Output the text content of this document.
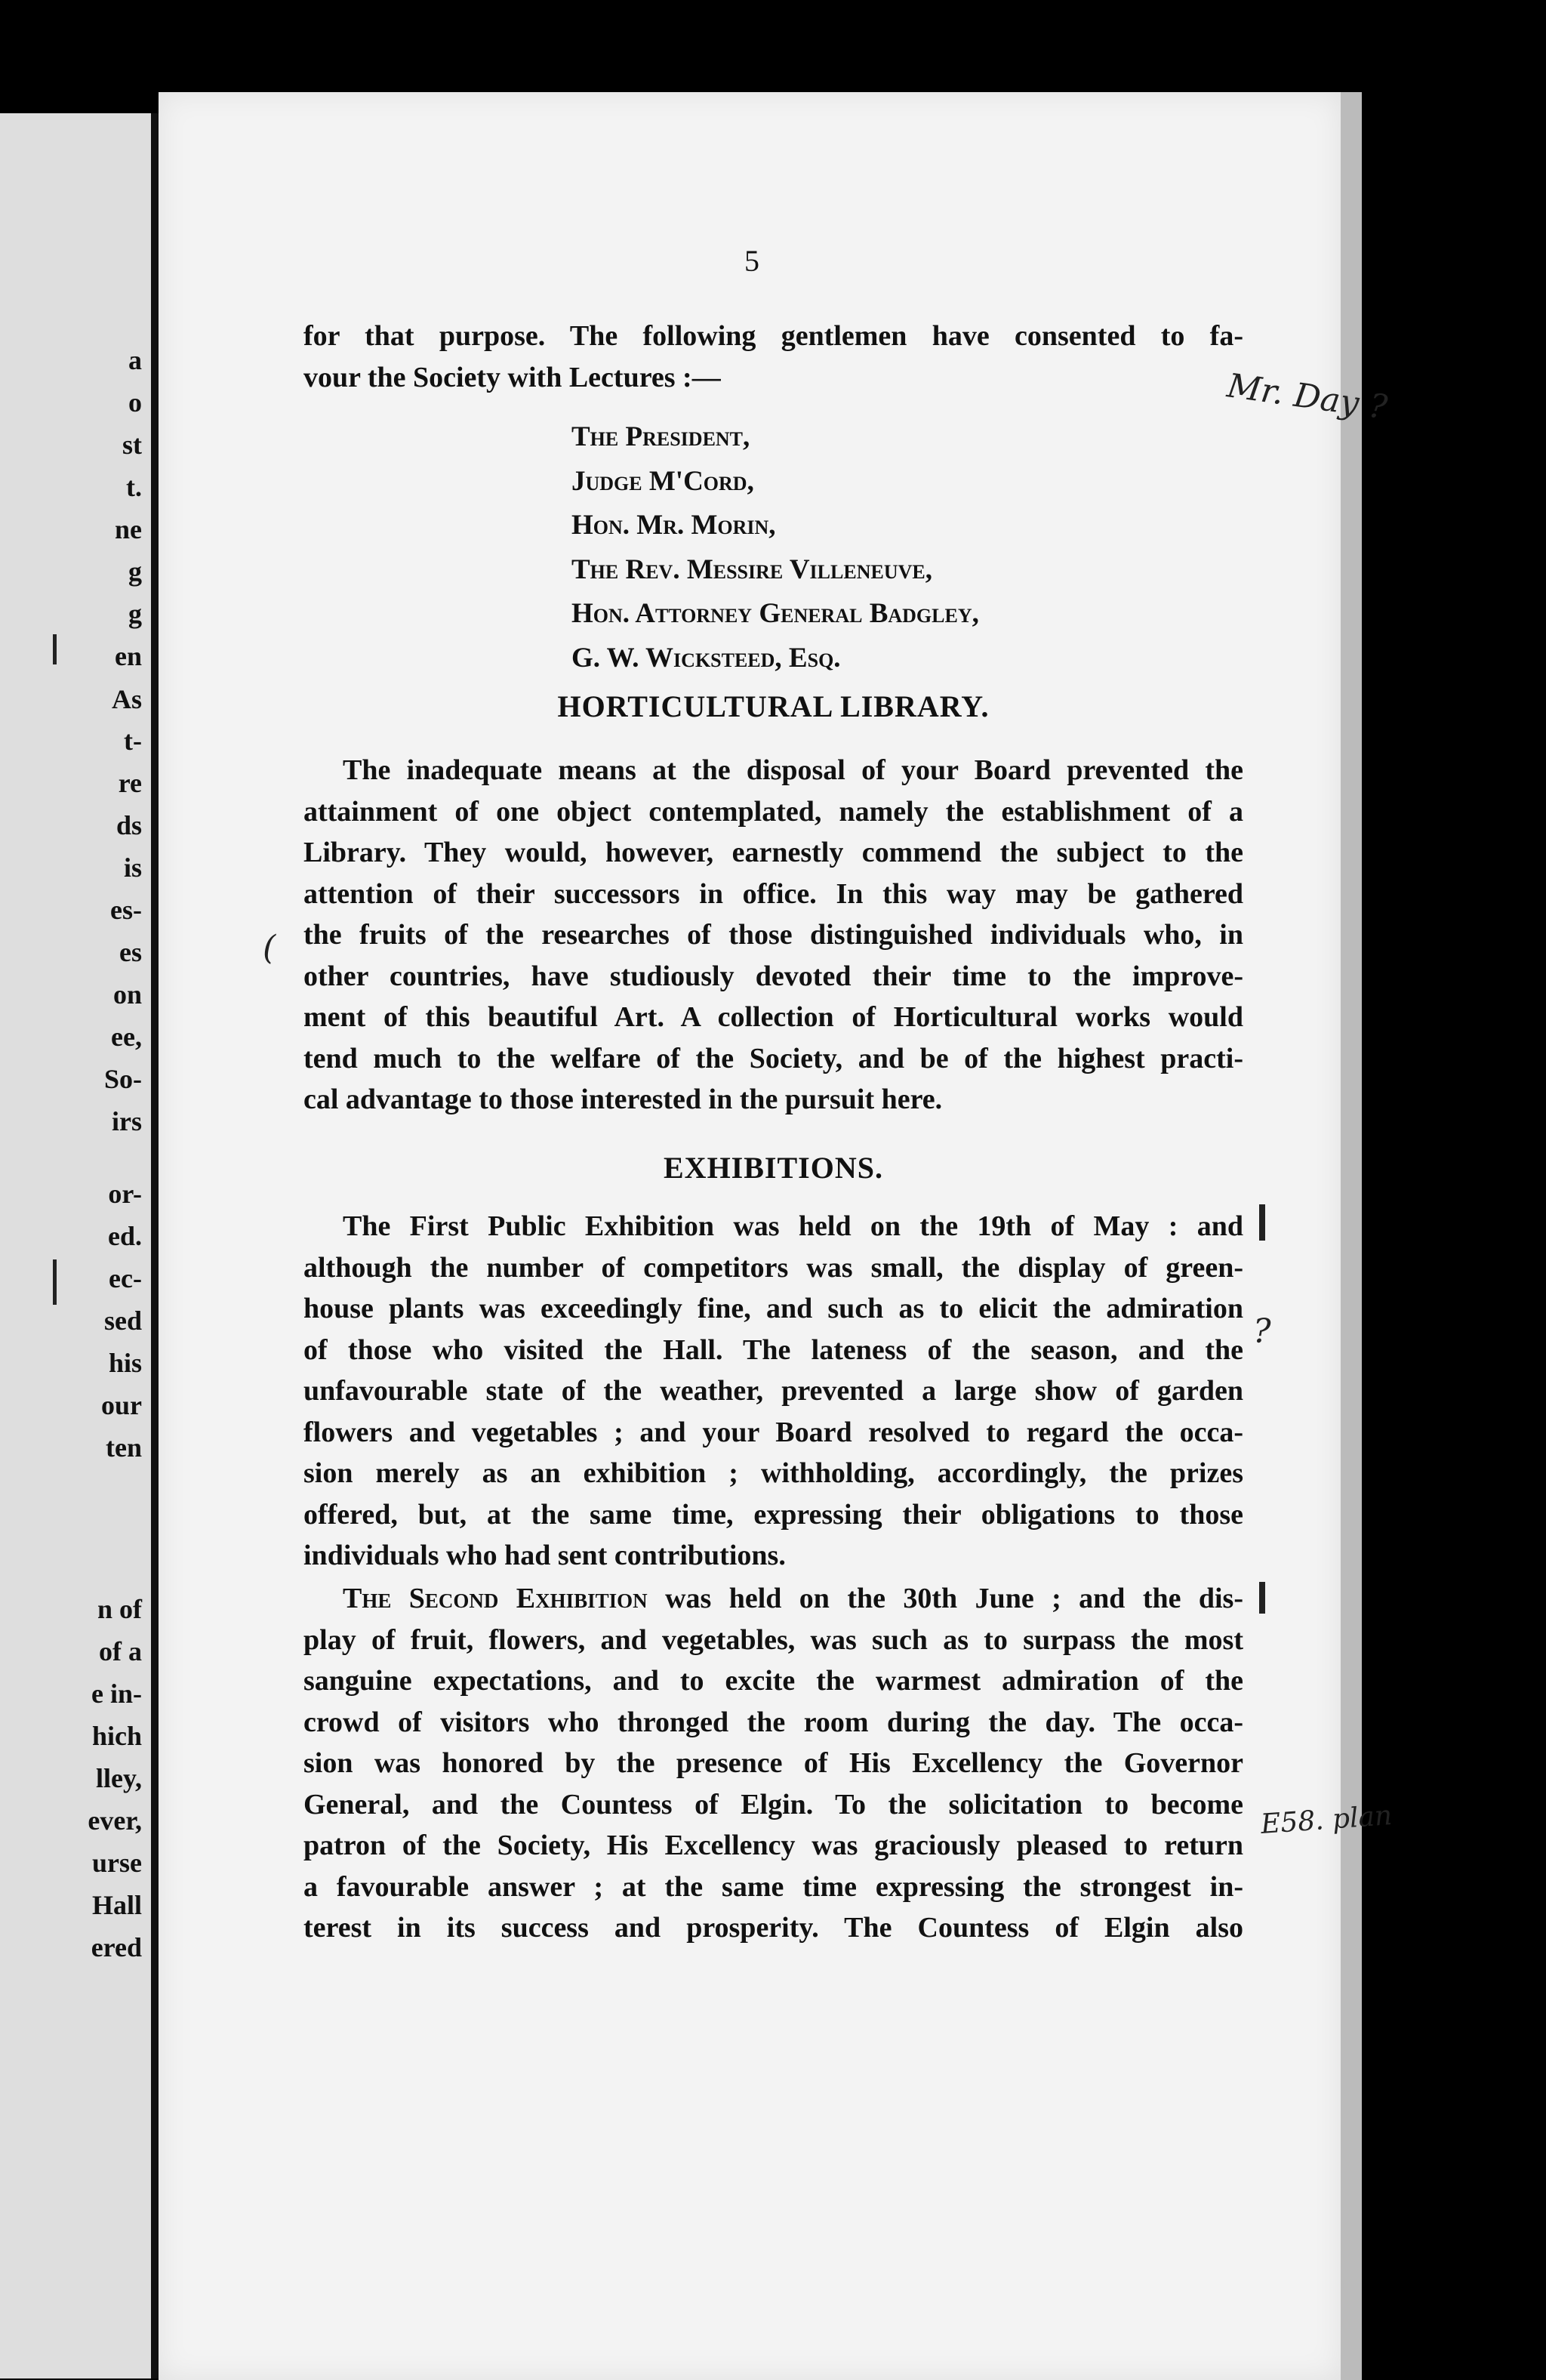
a
o
st
t.
ne
g
g
en
As
t-
re
ds
is
es-
es
on
ee,
So-
irs
or-
ed.
ec-
sed
his
our
ten
n of
of a
e in-
hich
lley,
ever,
urse
Hall
ered
5
for that purpose. The following gentlemen have consented to fa-
vour the Society with Lectures :—
The President,
Judge M'Cord,
Hon. Mr. Morin,
The Rev. Messire Villeneuve,
Hon. Attorney General Badgley,
G. W. Wicksteed, Esq.
HORTICULTURAL LIBRARY.
The inadequate means at the disposal of your Board prevented the
attainment of one object contemplated, namely the establishment of a
Library. They would, however, earnestly commend the subject to the
attention of their successors in office. In this way may be gathered
the fruits of the researches of those distinguished individuals who, in
other countries, have studiously devoted their time to the improve-
ment of this beautiful Art. A collection of Horticultural works would
tend much to the welfare of the Society, and be of the highest practi-
cal advantage to those interested in the pursuit here.
EXHIBITIONS.
The First Public Exhibition was held on the 19th of May : and
although the number of competitors was small, the display of green-
house plants was exceedingly fine, and such as to elicit the admiration
of those who visited the Hall. The lateness of the season, and the
unfavourable state of the weather, prevented a large show of garden
flowers and vegetables ; and your Board resolved to regard the occa-
sion merely as an exhibition ; withholding, accordingly, the prizes
offered, but, at the same time, expressing their obligations to those
individuals who had sent contributions.
The Second Exhibition was held on the 30th June ; and the dis-
play of fruit, flowers, and vegetables, was such as to surpass the most
sanguine expectations, and to excite the warmest admiration of the
crowd of visitors who thronged the room during the day. The occa-
sion was honored by the presence of His Excellency the Governor
General, and the Countess of Elgin. To the solicitation to become
patron of the Society, His Excellency was graciously pleased to return
a favourable answer ; at the same time expressing the strongest in-
terest in its success and prosperity. The Countess of Elgin also
Mr. Day ?
E58. plan
(
?
